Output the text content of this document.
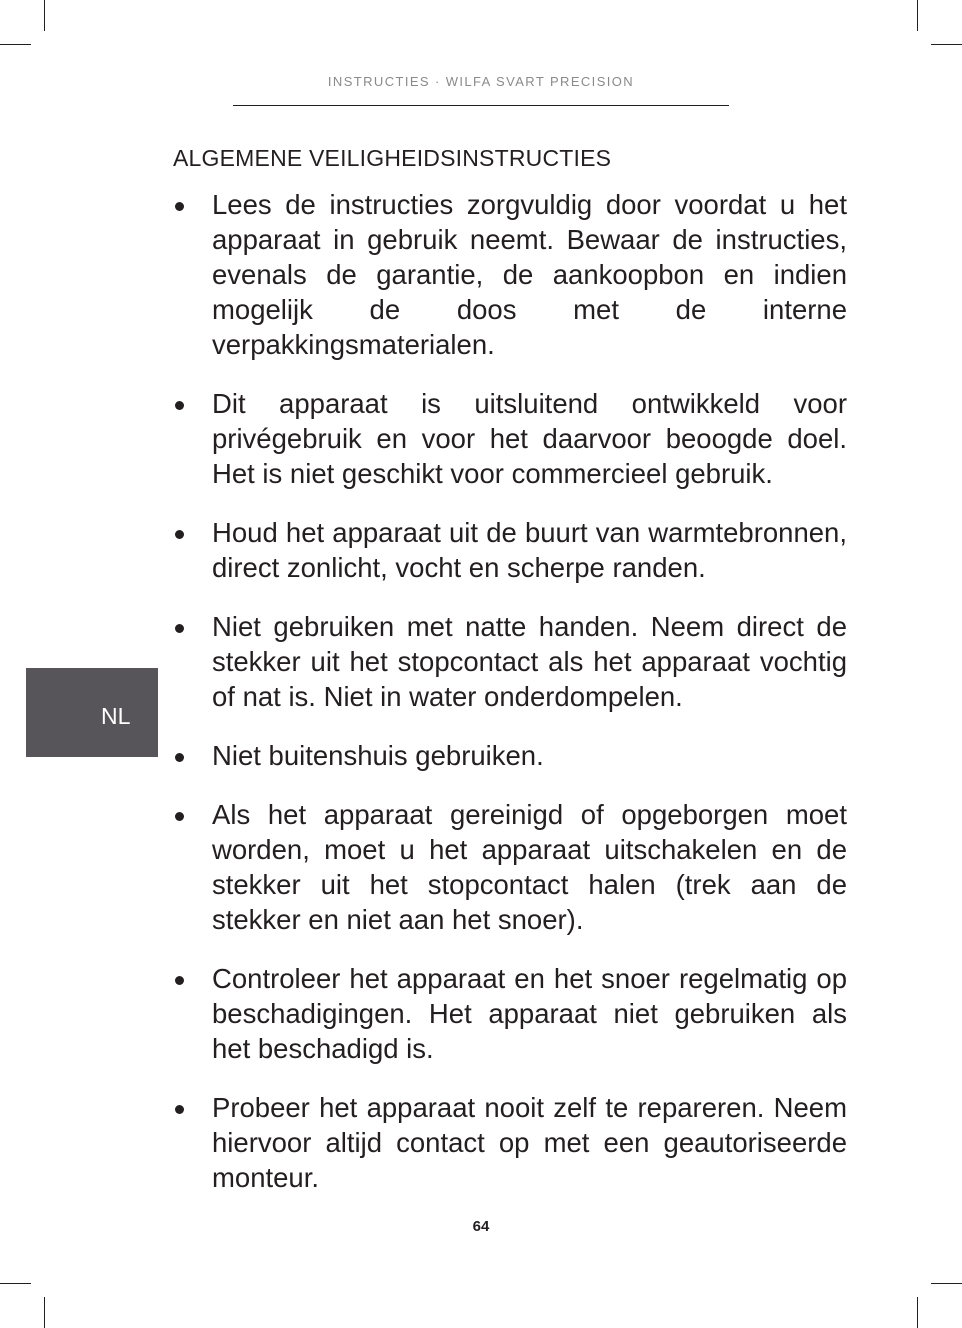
INSTRUCTIES · WILFA SVART PRECISION
NL
ALGEMENE VEILIGHEIDSINSTRUCTIES
Lees de instructies zorgvuldig door voordat u het apparaat in gebruik neemt. Bewaar de instructies, evenals de garantie, de aankoopbon en indien mogelijk de doos met de interne verpakkingsmaterialen.
Dit apparaat is uitsluitend ontwikkeld voor privégebruik en voor het daarvoor beoogde doel. Het is niet geschikt voor commercieel gebruik.
Houd het apparaat uit de buurt van warmtebronnen, direct zonlicht, vocht en scherpe randen.
Niet gebruiken met natte handen. Neem direct de stekker uit het stopcontact als het apparaat vochtig of nat is. Niet in water onderdompelen.
Niet buitenshuis gebruiken.
Als het apparaat gereinigd of opgeborgen moet worden, moet u het apparaat uitschakelen en de stekker uit het stopcontact halen (trek aan de stekker en niet aan het snoer).
Controleer het apparaat en het snoer regelmatig op beschadigingen. Het apparaat niet gebruiken als het beschadigd is.
Probeer het apparaat nooit zelf te repareren. Neem hiervoor altijd contact op met een geautoriseerde monteur.
64
